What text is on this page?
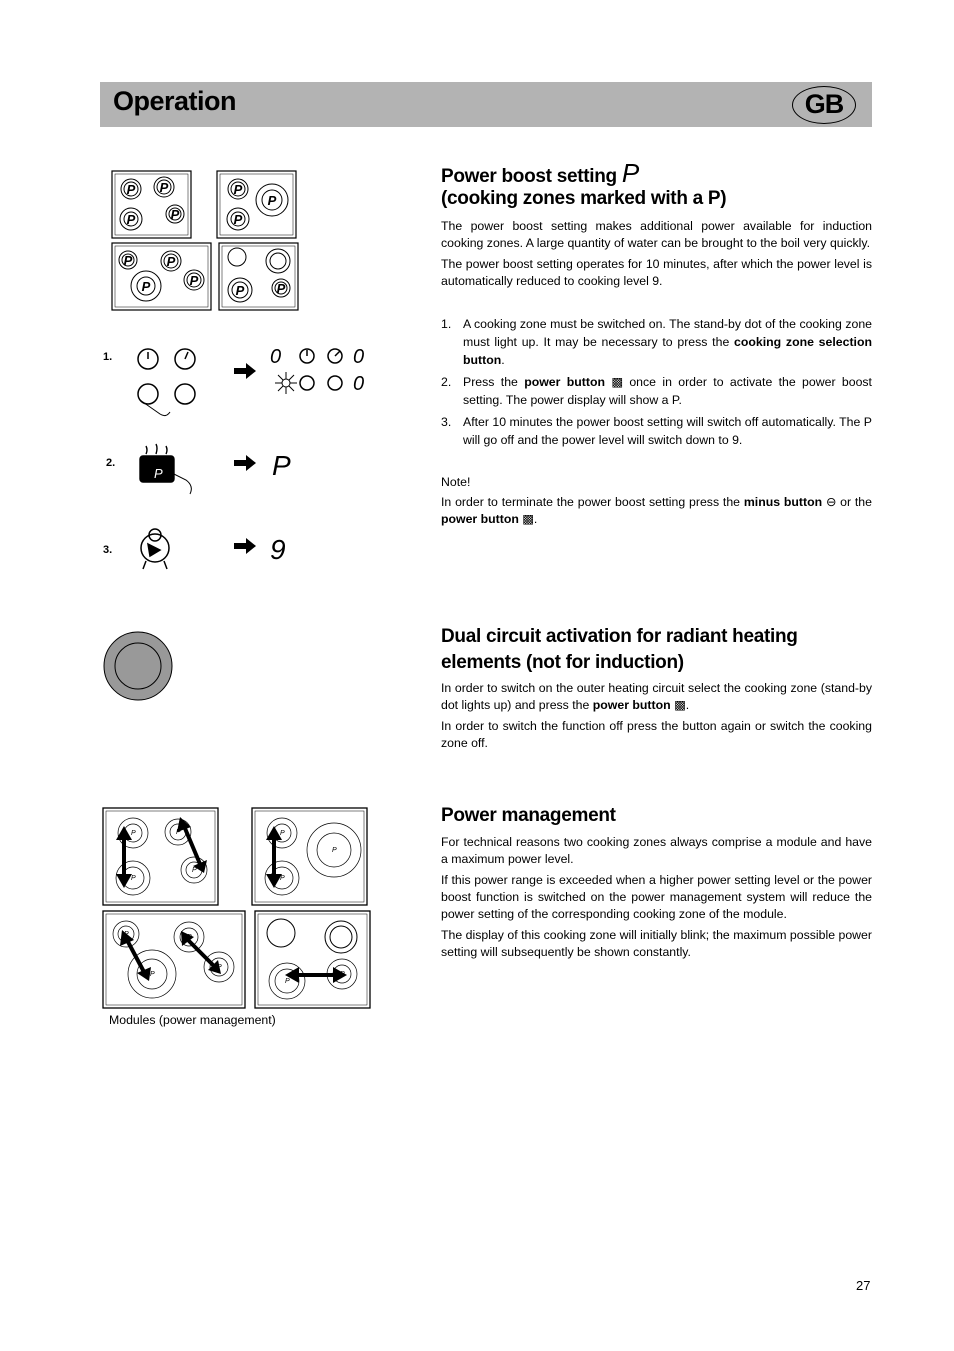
Operation	GB
P P
P	P
P
P
P
P	P
P	P
P P
1.	0	0
0
2.
P	P
3.	9
Power boost setting P
(cooking zones marked with a P)

The power boost setting makes additional power available for induction cooking zones. A large quantity of water can be brought to the boil very quickly.

The power boost setting operates for 10 minutes, after which the power level is automatically reduced to cooking level 9.

1. A cooking zone must be switched on. The stand-by dot of the cooking zone must light up. It may be necessary to press the cooking zone selection button.
2. Press the power button ▩ once in order to activate the power boost setting. The power display will show a P.
3. After 10 minutes the power boost setting will switch off automatically. The P will go off and the power level will switch down to 9.

Note!

In order to terminate the power boost setting press the minus button ⊖ or the power button ▩.

Dual circuit activation for radiant heating
elements (not for induction)

In order to switch on the outer heating circuit select the cooking zone (stand-by dot lights up) and press the power button ▩.

In order to switch the function off press the button again or switch the cooking zone off.

P	P
P
P
P
P
P
P	P
P
P
P
P
Modules (power management)
Power management

For technical reasons two cooking zones always comprise a module and have a maximum power level.

If this power range is exceeded when a higher power setting level or the power boost function is switched on the power management system will reduce the power setting of the corresponding cooking zone of the module.

The display of this cooking zone will initially blink; the maximum possible power setting will subsequently be shown constantly.

27
